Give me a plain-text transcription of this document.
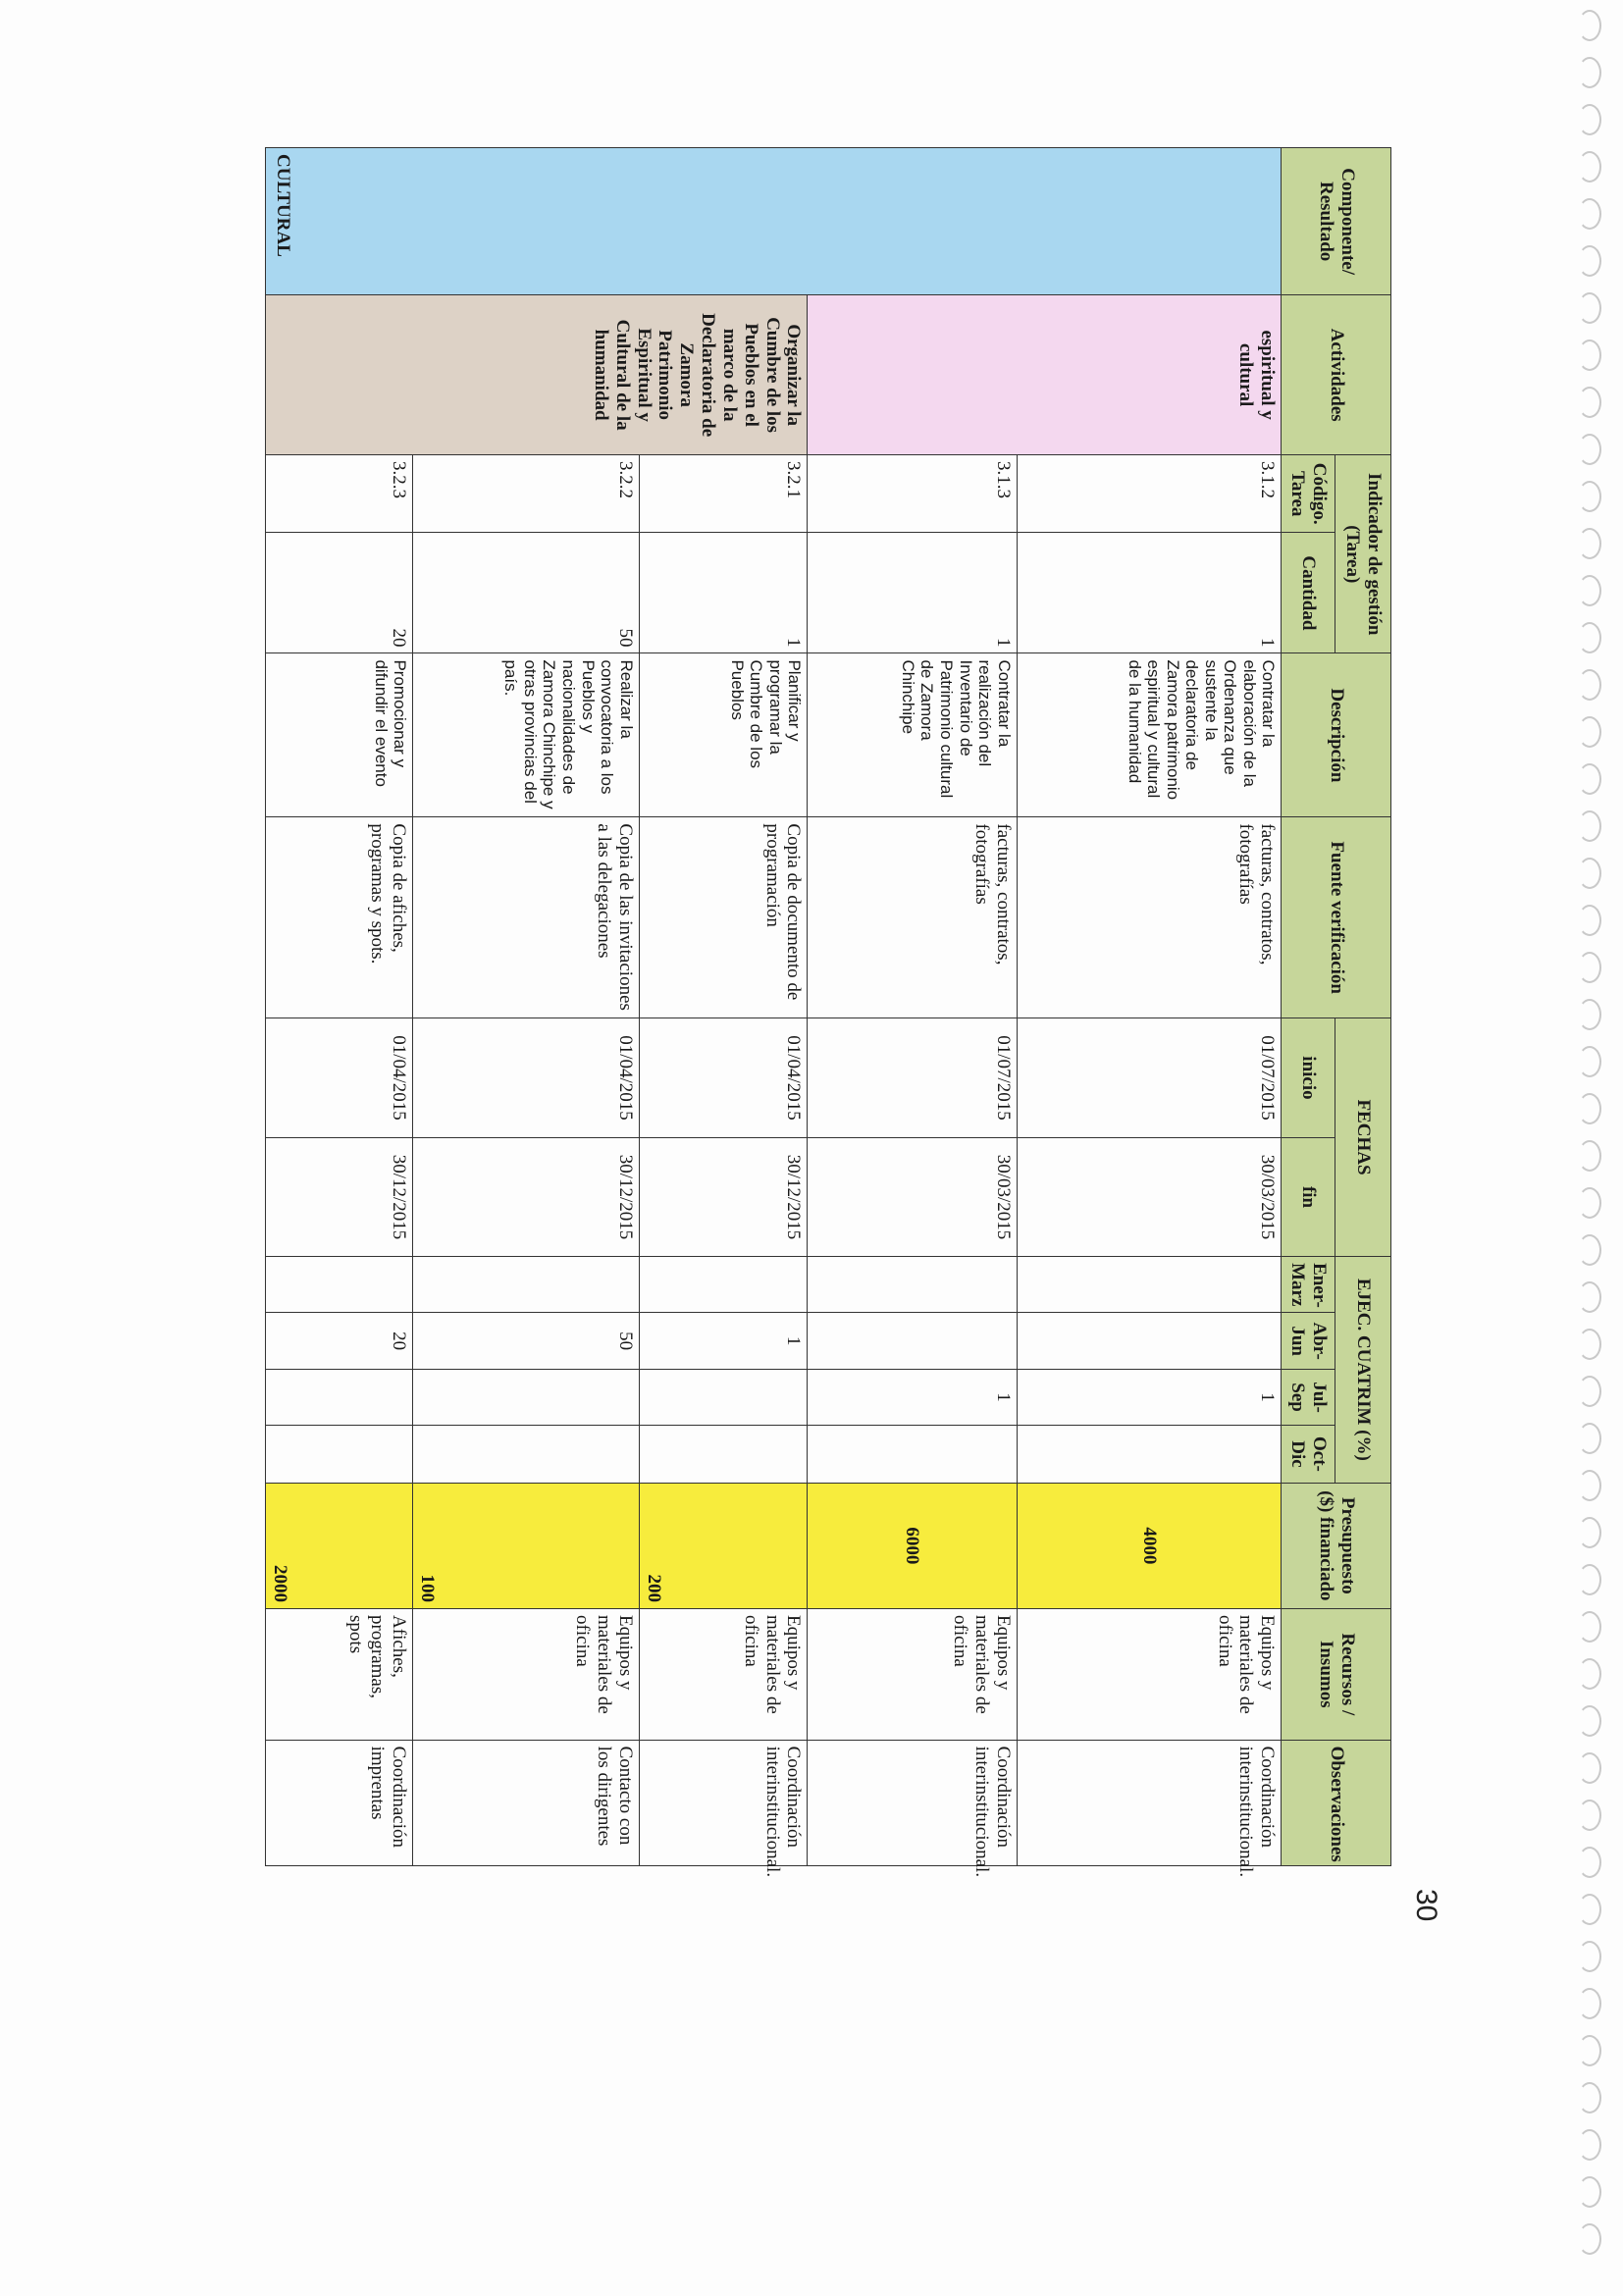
30
Componente/ Resultado	Actividades	Indicador de gestión (Tarea)		Descripción	Fuente verificación	FECHAS		EJEC. CUATRIM (%)				Presupuesto ($) financiado	Recursos / Insumos	Observaciones
		Código. Tarea	Cantidad			inicio	fin	Ener-Marz	Abr-Jun	Jul-Sep	Oct-Dic			
CULTURAL	espiritual y cultural	3.1.2	1	Contratar la elaboración de la Ordenanza que sustente la declaratoria de Zamora patrimonio espiritual y cultural de la humanidad	facturas, contratos, fotografías	01/07/2015	30/03/2015			1		4000	Equipos y materiales de oficina	Coordinación interinstitucional.
		3.1.3	1	Contratar la realización del Inventario de Patrimonio cultural de Zamora Chinchipe	facturas, contratos, fotografías	01/07/2015	30/03/2015			1		6000	Equipos y materiales de oficina	Coordinación interinstitucional.
	Organizar la Cumbre de los Pueblos en el marco de la Declaratoria de Zamora Patrimonio Espiritual y Cultural de la humanidad	3.2.1	1	Planificar y programar la Cumbre de los Pueblos	Copia de documento de programación	01/04/2015	30/12/2015		1			200	Equipos y materiales de oficina	Coordinación interinstitucional.
		3.2.2	50	Realizar la convocatoria a los Pueblos y nacionalidades de Zamora Chinchipe y otras provincias del país.	Copia de las invitaciones a las delegaciones	01/04/2015	30/12/2015		50			100	Equipos y materiales de oficina	Contacto con los dirigentes
		3.2.3	20	Promocionar y difundir el evento	Copia de afiches, programas y spots.	01/04/2015	30/12/2015		20			2000	Afiches, programas, spots	Coordinación imprentas
